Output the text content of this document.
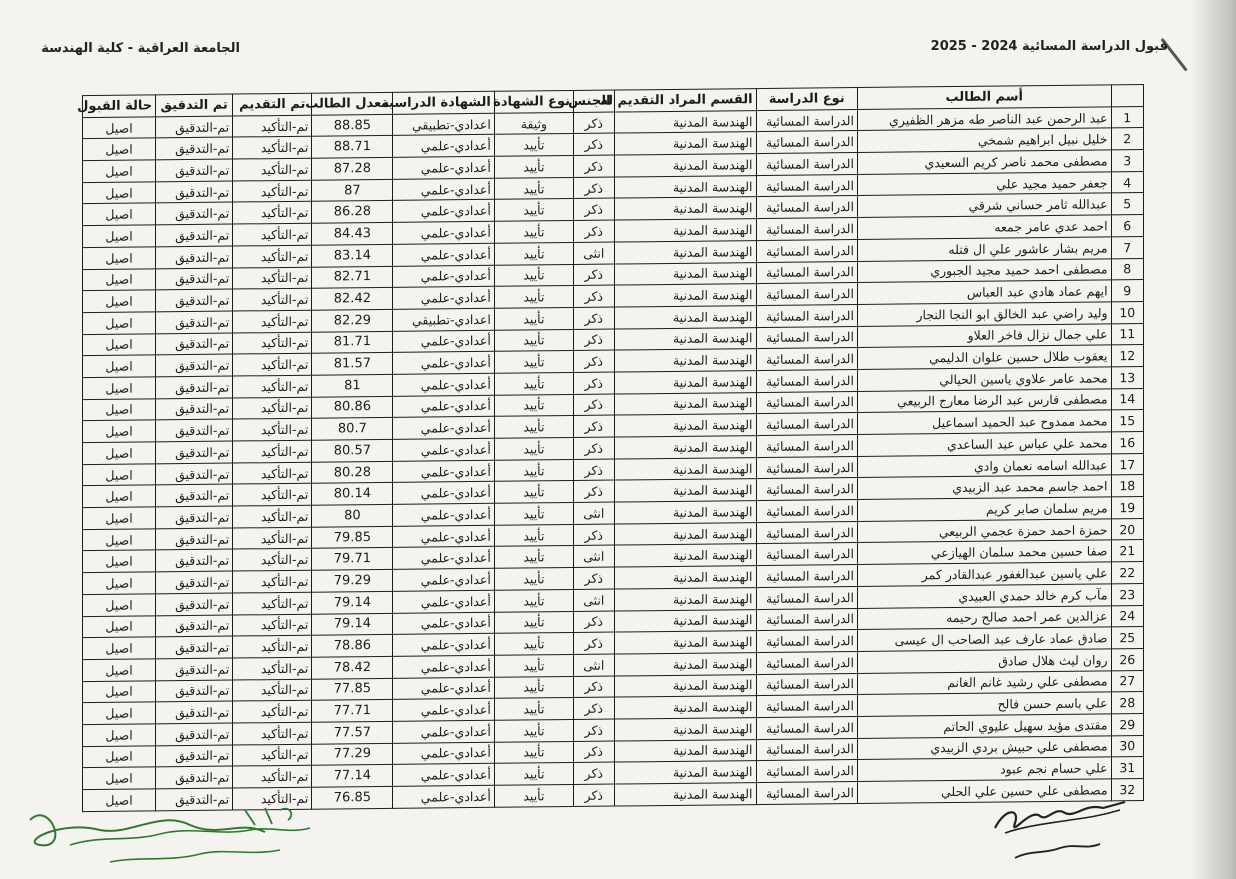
قبول الدراسة المسائية 2024 - 2025
الجامعة العراقية - كلية الهندسة
	أسم الطالب	نوع الدراسة	القسم المراد التقديم له	الجنس	نوع الشهادة	الشهادة الدراسية	معدل الطالب	تم التقديم	تم التدقيق	حالة القبول
1	عبد الرحمن عبد الناصر طه مزهر الظفيري	الدراسة المسائية	الهندسة المدنية	ذكر	وثيقة	اعدادي-تطبيقي	88.85	تم-التأكيد	تم-التدقيق	اصيل
2	خليل نبيل ابراهيم شمخي	الدراسة المسائية	الهندسة المدنية	ذكر	تأييد	أعدادي-علمي	88.71	تم-التأكيد	تم-التدقيق	اصيل
3	مصطفى محمد ناصر كريم السعيدي	الدراسة المسائية	الهندسة المدنية	ذكر	تأييد	أعدادي-علمي	87.28	تم-التأكيد	تم-التدقيق	اصيل
4	جعفر حميد مجيد علي	الدراسة المسائية	الهندسة المدنية	ذكر	تأييد	أعدادي-علمي	87	تم-التأكيد	تم-التدقيق	اصيل
5	عبدالله ثامر حساني شرقي	الدراسة المسائية	الهندسة المدنية	ذكر	تأييد	أعدادي-علمي	86.28	تم-التأكيد	تم-التدقيق	اصيل
6	احمد عدي عامر جمعه	الدراسة المسائية	الهندسة المدنية	ذكر	تأييد	أعدادي-علمي	84.43	تم-التأكيد	تم-التدقيق	اصيل
7	مريم بشار عاشور علي ال فتله	الدراسة المسائية	الهندسة المدنية	انثى	تأييد	أعدادي-علمي	83.14	تم-التأكيد	تم-التدقيق	اصيل
8	مصطفى احمد حميد مجيد الجبوري	الدراسة المسائية	الهندسة المدنية	ذكر	تأييد	أعدادي-علمي	82.71	تم-التأكيد	تم-التدقيق	اصيل
9	ايهم عماد هادي عبد العباس	الدراسة المسائية	الهندسة المدنية	ذكر	تأييد	أعدادي-علمي	82.42	تم-التأكيد	تم-التدقيق	اصيل
10	وليد راضي عبد الخالق ابو النجا النجار	الدراسة المسائية	الهندسة المدنية	ذكر	تأييد	اعدادي-تطبيقي	82.29	تم-التأكيد	تم-التدقيق	اصيل
11	علي جمال نزال فاخر العلاو	الدراسة المسائية	الهندسة المدنية	ذكر	تأييد	أعدادي-علمي	81.71	تم-التأكيد	تم-التدقيق	اصيل
12	يعقوب طلال حسين علوان الدليمي	الدراسة المسائية	الهندسة المدنية	ذكر	تأييد	أعدادي-علمي	81.57	تم-التأكيد	تم-التدقيق	اصيل
13	محمد عامر علاوي ياسين الحيالي	الدراسة المسائية	الهندسة المدنية	ذكر	تأييد	أعدادي-علمي	81	تم-التأكيد	تم-التدقيق	اصيل
14	مصطفى فارس عبد الرضا معارج الربيعي	الدراسة المسائية	الهندسة المدنية	ذكر	تأييد	أعدادي-علمي	80.86	تم-التأكيد	تم-التدقيق	اصيل
15	محمد ممدوح عبد الحميد اسماعيل	الدراسة المسائية	الهندسة المدنية	ذكر	تأييد	أعدادي-علمي	80.7	تم-التأكيد	تم-التدقيق	اصيل
16	محمد علي عباس عبد الساعدي	الدراسة المسائية	الهندسة المدنية	ذكر	تأييد	أعدادي-علمي	80.57	تم-التأكيد	تم-التدقيق	اصيل
17	عبدالله اسامه نعمان وادي	الدراسة المسائية	الهندسة المدنية	ذكر	تأييد	أعدادي-علمي	80.28	تم-التأكيد	تم-التدقيق	اصيل
18	احمد جاسم محمد عبد الزبيدي	الدراسة المسائية	الهندسة المدنية	ذكر	تأييد	أعدادي-علمي	80.14	تم-التأكيد	تم-التدقيق	اصيل
19	مريم سلمان صابر كريم	الدراسة المسائية	الهندسة المدنية	انثى	تأييد	أعدادي-علمي	80	تم-التأكيد	تم-التدقيق	اصيل
20	حمزة احمد حمزة عجمي الربيعي	الدراسة المسائية	الهندسة المدنية	ذكر	تأييد	أعدادي-علمي	79.85	تم-التأكيد	تم-التدقيق	اصيل
21	صفا حسين محمد سلمان الهيازعي	الدراسة المسائية	الهندسة المدنية	انثى	تأييد	أعدادي-علمي	79.71	تم-التأكيد	تم-التدقيق	اصيل
22	علي ياسين عبدالغفور عبدالقادر كمر	الدراسة المسائية	الهندسة المدنية	ذكر	تأييد	أعدادي-علمي	79.29	تم-التأكيد	تم-التدقيق	اصيل
23	مآب كرم خالد حمدي العبيدي	الدراسة المسائية	الهندسة المدنية	انثى	تأييد	أعدادي-علمي	79.14	تم-التأكيد	تم-التدقيق	اصيل
24	عزالدين عمر احمد صالح رحيمه	الدراسة المسائية	الهندسة المدنية	ذكر	تأييد	أعدادي-علمي	79.14	تم-التأكيد	تم-التدقيق	اصيل
25	صادق عماد عارف عبد الصاحب ال عيسى	الدراسة المسائية	الهندسة المدنية	ذكر	تأييد	أعدادي-علمي	78.86	تم-التأكيد	تم-التدقيق	اصيل
26	روان ليث هلال صادق	الدراسة المسائية	الهندسة المدنية	انثى	تأييد	أعدادي-علمي	78.42	تم-التأكيد	تم-التدقيق	اصيل
27	مصطفى علي رشيد غانم الغانم	الدراسة المسائية	الهندسة المدنية	ذكر	تأييد	أعدادي-علمي	77.85	تم-التأكيد	تم-التدقيق	اصيل
28	علي باسم حسن فالح	الدراسة المسائية	الهندسة المدنية	ذكر	تأييد	أعدادي-علمي	77.71	تم-التأكيد	تم-التدقيق	اصيل
29	مقتدى مؤيد سهيل عليوي الحاتم	الدراسة المسائية	الهندسة المدنية	ذكر	تأييد	أعدادي-علمي	77.57	تم-التأكيد	تم-التدقيق	اصيل
30	مصطفى علي حبيش بردي الزبيدي	الدراسة المسائية	الهندسة المدنية	ذكر	تأييد	أعدادي-علمي	77.29	تم-التأكيد	تم-التدقيق	اصيل
31	علي حسام نجم عبود	الدراسة المسائية	الهندسة المدنية	ذكر	تأييد	أعدادي-علمي	77.14	تم-التأكيد	تم-التدقيق	اصيل
32	مصطفى علي حسين علي الحلي	الدراسة المسائية	الهندسة المدنية	ذكر	تأييد	أعدادي-علمي	76.85	تم-التأكيد	تم-التدقيق	اصيل
